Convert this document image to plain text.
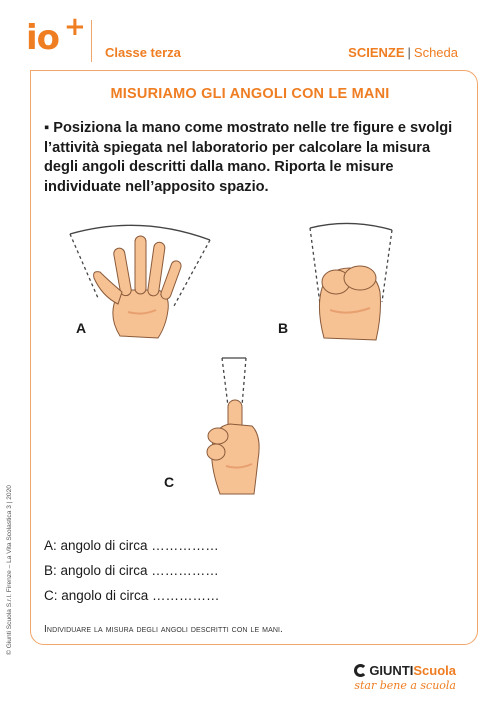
io +
Classe terza	SCIENZE | Scheda
MISURIAMO GLI ANGOLI CON LE MANI
▪ Posiziona la mano come mostrato nelle tre figure e svolgi l’attività spiegata nel laboratorio per calcolare la misura degli angoli descritti dalla mano. Riporta le misure individuate nell’apposito spazio.
A	B
C
A: angolo di circa ……………
B: angolo di circa ……………
C: angolo di circa ……………
Individuare la misura degli angoli descritti con le mani.
© Giunti Scuola S.r.l. Firenze – La Vita Scolastica 3 | 2020
GIUNTIScuola
star bene a scuola
